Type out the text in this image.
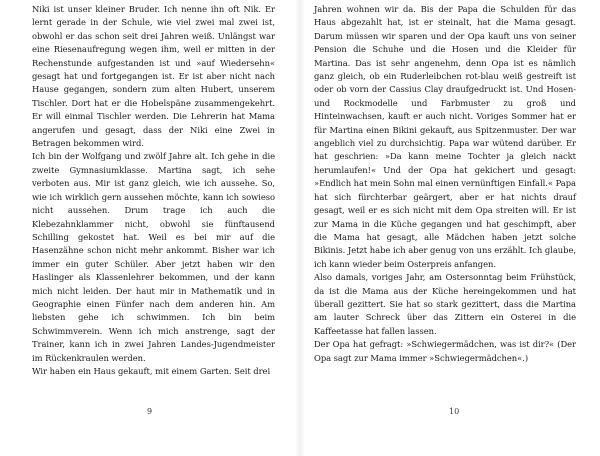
Niki ist unser kleiner Bruder. Ich nenne ihn oft Nik. Er lernt gerade in der Schule, wie viel zwei mal zwei ist, obwohl er das schon seit drei Jahren weiß. Unlängst war eine Riesenaufregung wegen ihm, weil er mitten in der Rechenstunde aufgestanden ist und »auf Wiedersehn« gesagt hat und fortgegangen ist. Er ist aber nicht nach Hause gegangen, sondern zum alten Hubert, unserem Tischler. Dort hat er die Hobelspäne zusammengekehrt. Er will einmal Tischler werden. Die Lehrerin hat Mama angerufen und gesagt, dass der Niki eine Zwei in Betragen bekommen wird.

Ich bin der Wolfgang und zwölf Jahre alt. Ich gehe in die zweite Gymnasiumklasse. Martina sagt, ich sehe verboten aus. Mir ist ganz gleich, wie ich aussehe. So, wie ich wirklich gern aussehen möchte, kann ich sowieso nicht aussehen. Drum trage ich auch die Klebezahnklammer nicht, obwohl sie fünftausend Schilling gekostet hat. Weil es bei mir auf die Hasenzähne schon nicht mehr ankommt. Bisher war ich immer ein guter Schüler. Aber jetzt haben wir den Haslinger als Klassenlehrer bekommen, und der kann mich nicht leiden. Der haut mir in Mathematik und in Geographie einen Fünfer nach dem anderen hin. Am liebsten gehe ich schwimmen. Ich bin beim Schwimmverein. Wenn ich mich anstrenge, sagt der Trainer, kann ich in zwei Jahren Landes-Jugendmeister im Rückenkraulen werden.

Wir haben ein Haus gekauft, mit einem Garten. Seit drei

9

Jahren wohnen wir da. Bis der Papa die Schulden für das Haus abgezahlt hat, ist er steinalt, hat die Mama gesagt. Darum müssen wir sparen und der Opa kauft uns von seiner Pension die Schuhe und die Hosen und die Kleider für Martina. Das ist sehr angenehm, denn Opa ist es nämlich ganz gleich, ob ein Ruderleibchen rot-blau weiß gestreift ist oder ob vorn der Cassius Clay draufgedruckt ist. Und Hosen- und Rockmodelle und Farbmuster zu groß und Hinteinwachsen, kauft er auch nicht. Voriges Sommer hat er für Martina einen Bikini gekauft, aus Spitzenmuster. Der war angeblich viel zu durchsichtig. Papa war wütend darüber. Er hat geschrien: »Da kann meine Tochter ja gleich nackt herumlaufen!« Und der Opa hat gekichert und gesagt: »Endlich hat mein Sohn mal einen vernünftigen Einfall.« Papa hat sich fürchterbar geärgert, aber er hat nichts drauf gesagt, weil er es sich nicht mit dem Opa streiten will. Er ist zur Mama in die Küche gegangen und hat geschimpft, aber die Mama hat gesagt, alle Mädchen haben jetzt solche Bikinis. Jetzt habe ich aber genug von uns erzählt. Ich glaube, ich kann wieder beim Osterpreis anfangen.

Also damals, voriges Jahr, am Ostersonntag beim Frühstück, da ist die Mama aus der Küche hereingekommen und hat überall gezittert. Sie hat so stark gezittert, dass die Martina am lauter Schreck über das Zittern ein Osterei in die Kaffeetasse hat fallen lassen.

Der Opa hat gefragt: »Schwiegermädchen, was ist dir?« (Der Opa sagt zur Mama immer »Schwiegermädchen«.)

10
